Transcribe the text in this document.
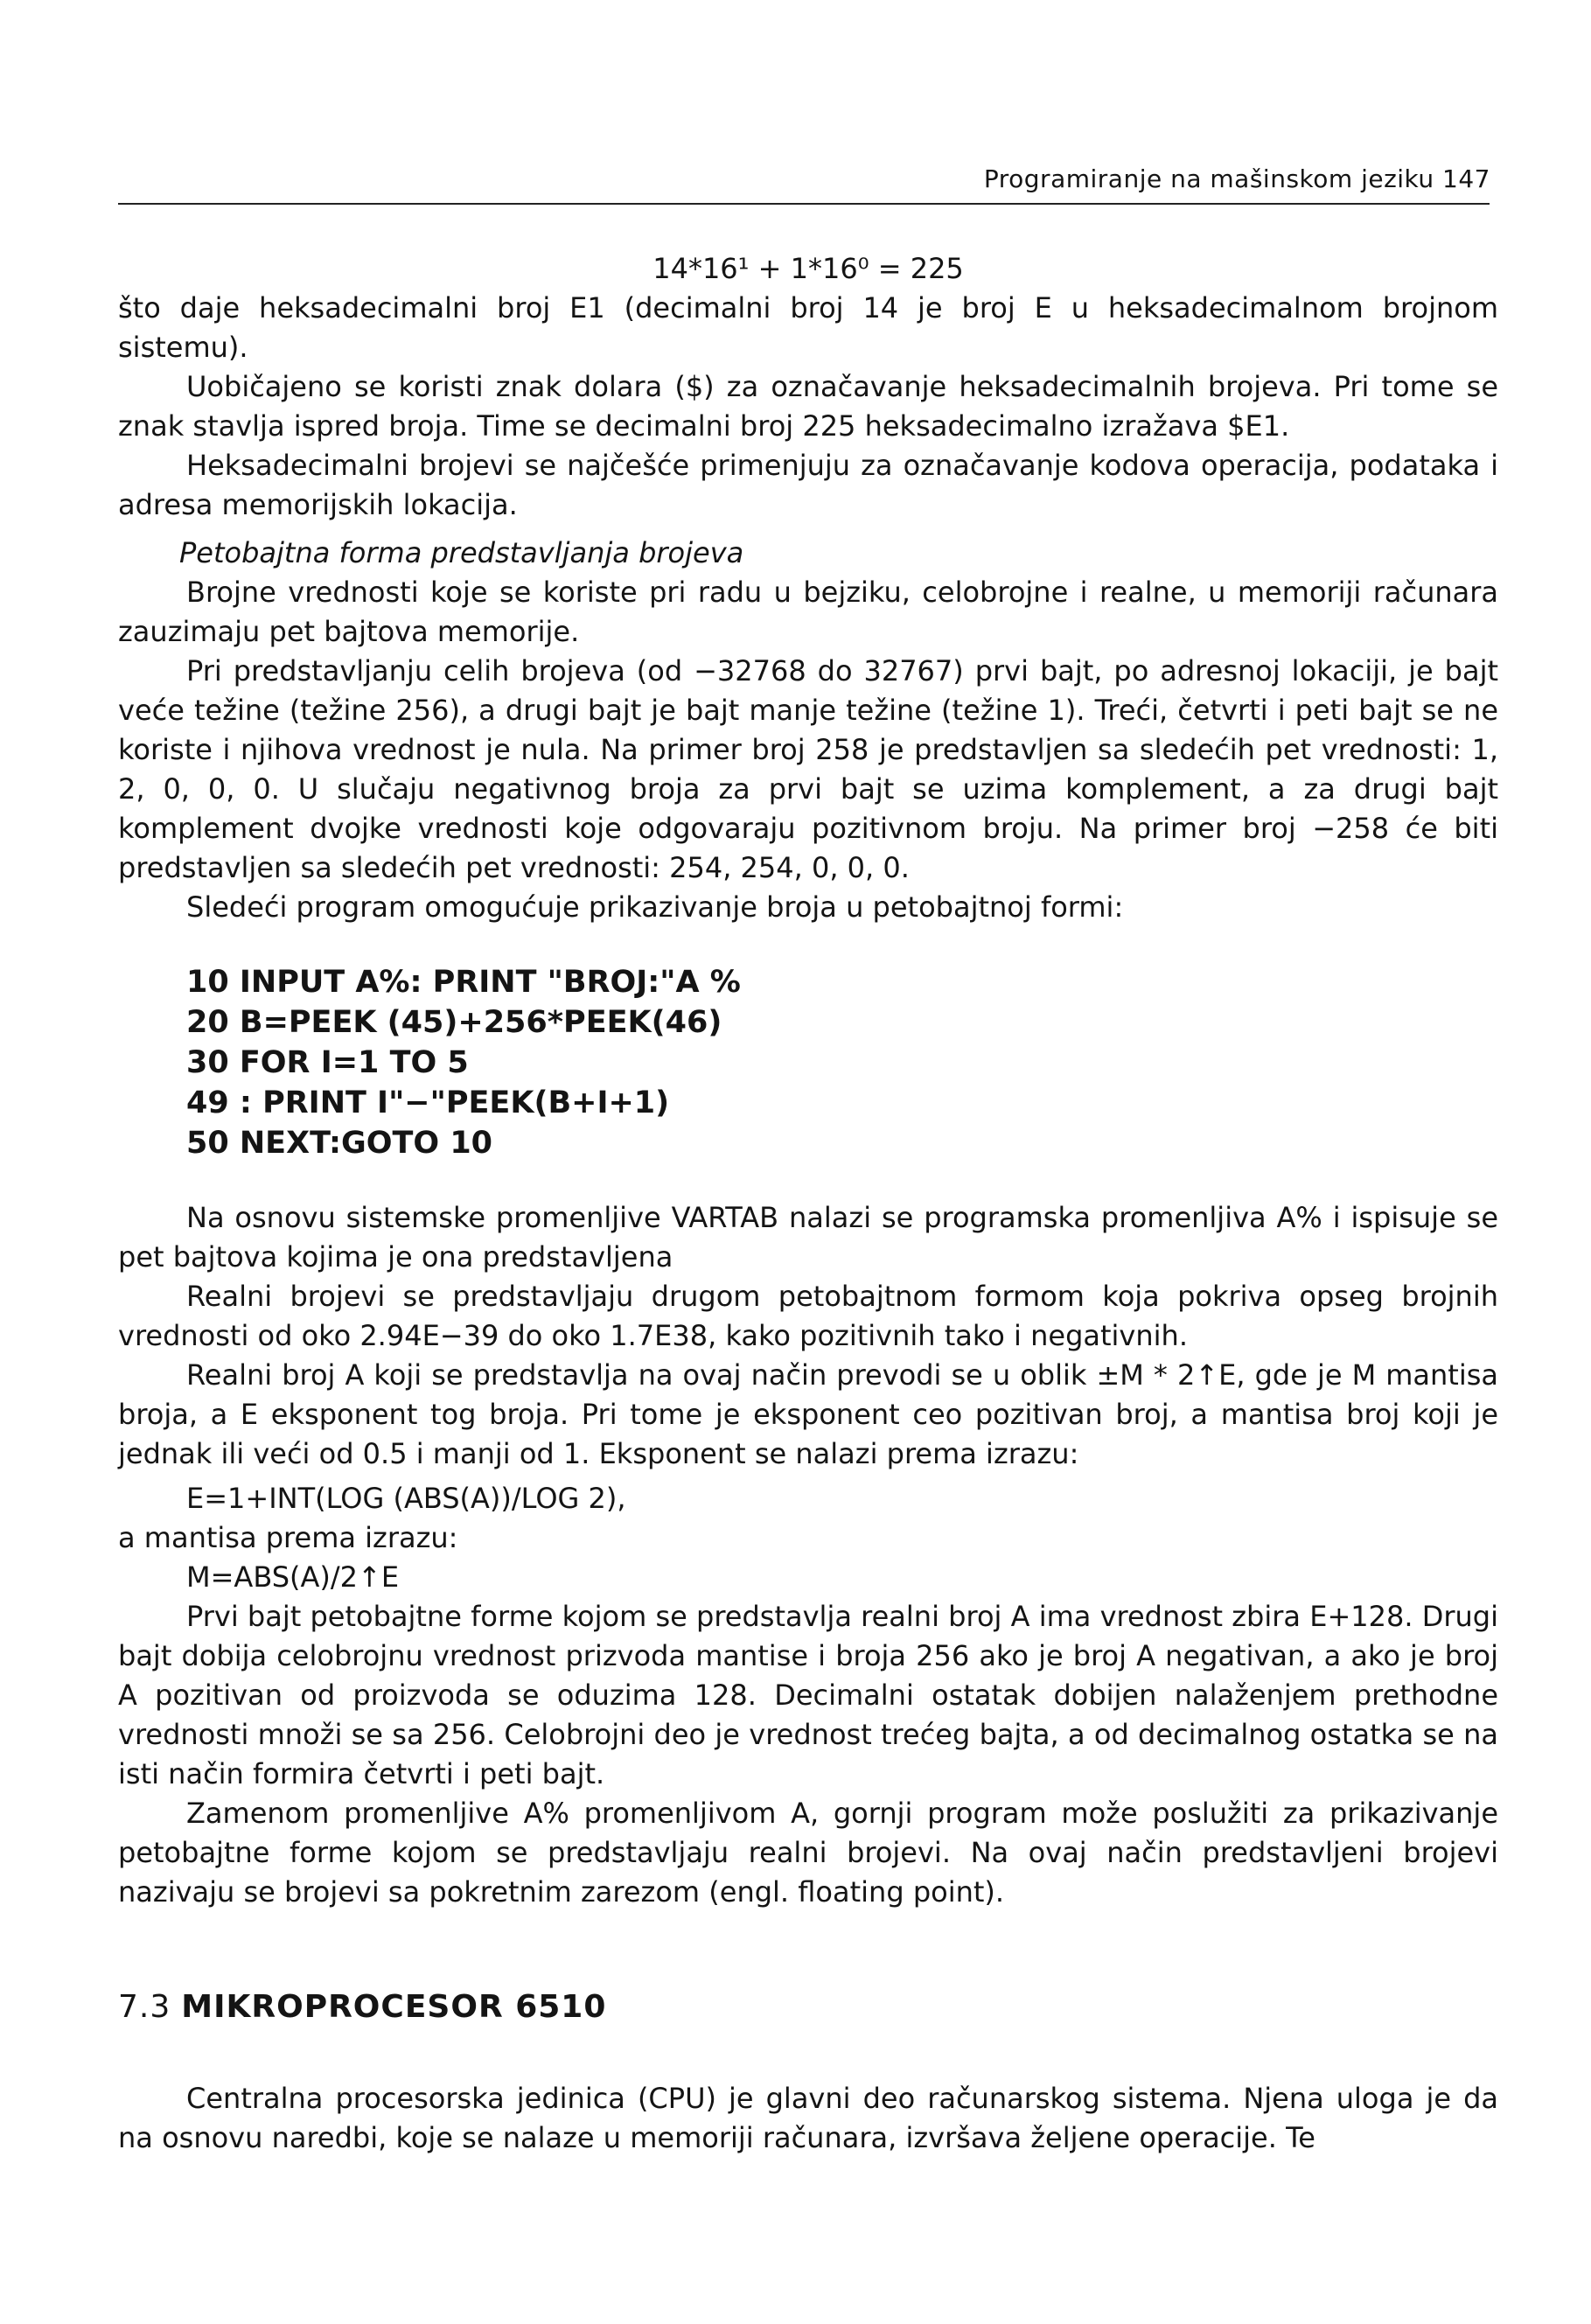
Programiranje na mašinskom jeziku 147

14*16¹ + 1*16⁰ = 225

što daje heksadecimalni broj E1 (decimalni broj 14 je broj E u heksadecimalnom brojnom sistemu).

Uobičajeno se koristi znak dolara ($) za označavanje heksadecimalnih brojeva. Pri tome se znak stavlja ispred broja. Time se decimalni broj 225 heksadecimalno izražava $E1.

Heksadecimalni brojevi se najčešće primenjuju za označavanje kodova operacija, podataka i adresa memorijskih lokacija.

Petobajtna forma predstavljanja brojeva

Brojne vrednosti koje se koriste pri radu u bejziku, celobrojne i realne, u memoriji računara zauzimaju pet bajtova memorije.

Pri predstavljanju celih brojeva (od −32768 do 32767) prvi bajt, po adresnoj lokaciji, je bajt veće težine (težine 256), a drugi bajt je bajt manje težine (težine 1). Treći, četvrti i peti bajt se ne koriste i njihova vrednost je nula. Na primer broj 258 je predstavljen sa sledećih pet vrednosti: 1, 2, 0, 0, 0. U slučaju negativnog broja za prvi bajt se uzima komplement, a za drugi bajt komplement dvojke vrednosti koje odgovaraju pozitivnom broju. Na primer broj −258 će biti predstavljen sa sledećih pet vrednosti: 254, 254, 0, 0, 0.

Sledeći program omogućuje prikazivanje broja u petobajtnoj formi:

10 INPUT A%: PRINT "BROJ:"A %
20 B=PEEK (45)+256*PEEK(46)
30 FOR I=1 TO 5
49 : PRINT I"−"PEEK(B+I+1)
50 NEXT:GOTO 10

Na osnovu sistemske promenljive VARTAB nalazi se programska promenljiva A% i ispisuje se pet bajtova kojima je ona predstavljena

Realni brojevi se predstavljaju drugom petobajtnom formom koja pokriva opseg brojnih vrednosti od oko 2.94E−39 do oko 1.7E38, kako pozitivnih tako i negativnih.

Realni broj A koji se predstavlja na ovaj način prevodi se u oblik ±M * 2↑E, gde je M mantisa broja, a E eksponent tog broja. Pri tome je eksponent ceo pozitivan broj, a mantisa broj koji je jednak ili veći od 0.5 i manji od 1. Eksponent se nalazi prema izrazu:

E=1+INT(LOG (ABS(A))/LOG 2),

a mantisa prema izrazu:

M=ABS(A)/2↑E

Prvi bajt petobajtne forme kojom se predstavlja realni broj A ima vrednost zbira E+128. Drugi bajt dobija celobrojnu vrednost prizvoda mantise i broja 256 ako je broj A negativan, a ako je broj A pozitivan od proizvoda se oduzima 128. Decimalni ostatak dobijen nalaženjem prethodne vrednosti množi se sa 256. Celobrojni deo je vrednost trećeg bajta, a od decimalnog ostatka se na isti način formira četvrti i peti bajt.

Zamenom promenljive A% promenljivom A, gornji program može poslužiti za prikazivanje petobajtne forme kojom se predstavljaju realni brojevi. Na ovaj način predstavljeni brojevi nazivaju se brojevi sa pokretnim zarezom (engl. floating point).

7.3 MIKROPROCESOR 6510

Centralna procesorska jedinica (CPU) je glavni deo računarskog sistema. Njena uloga je da na osnovu naredbi, koje se nalaze u memoriji računara, izvršava željene operacije. Te
